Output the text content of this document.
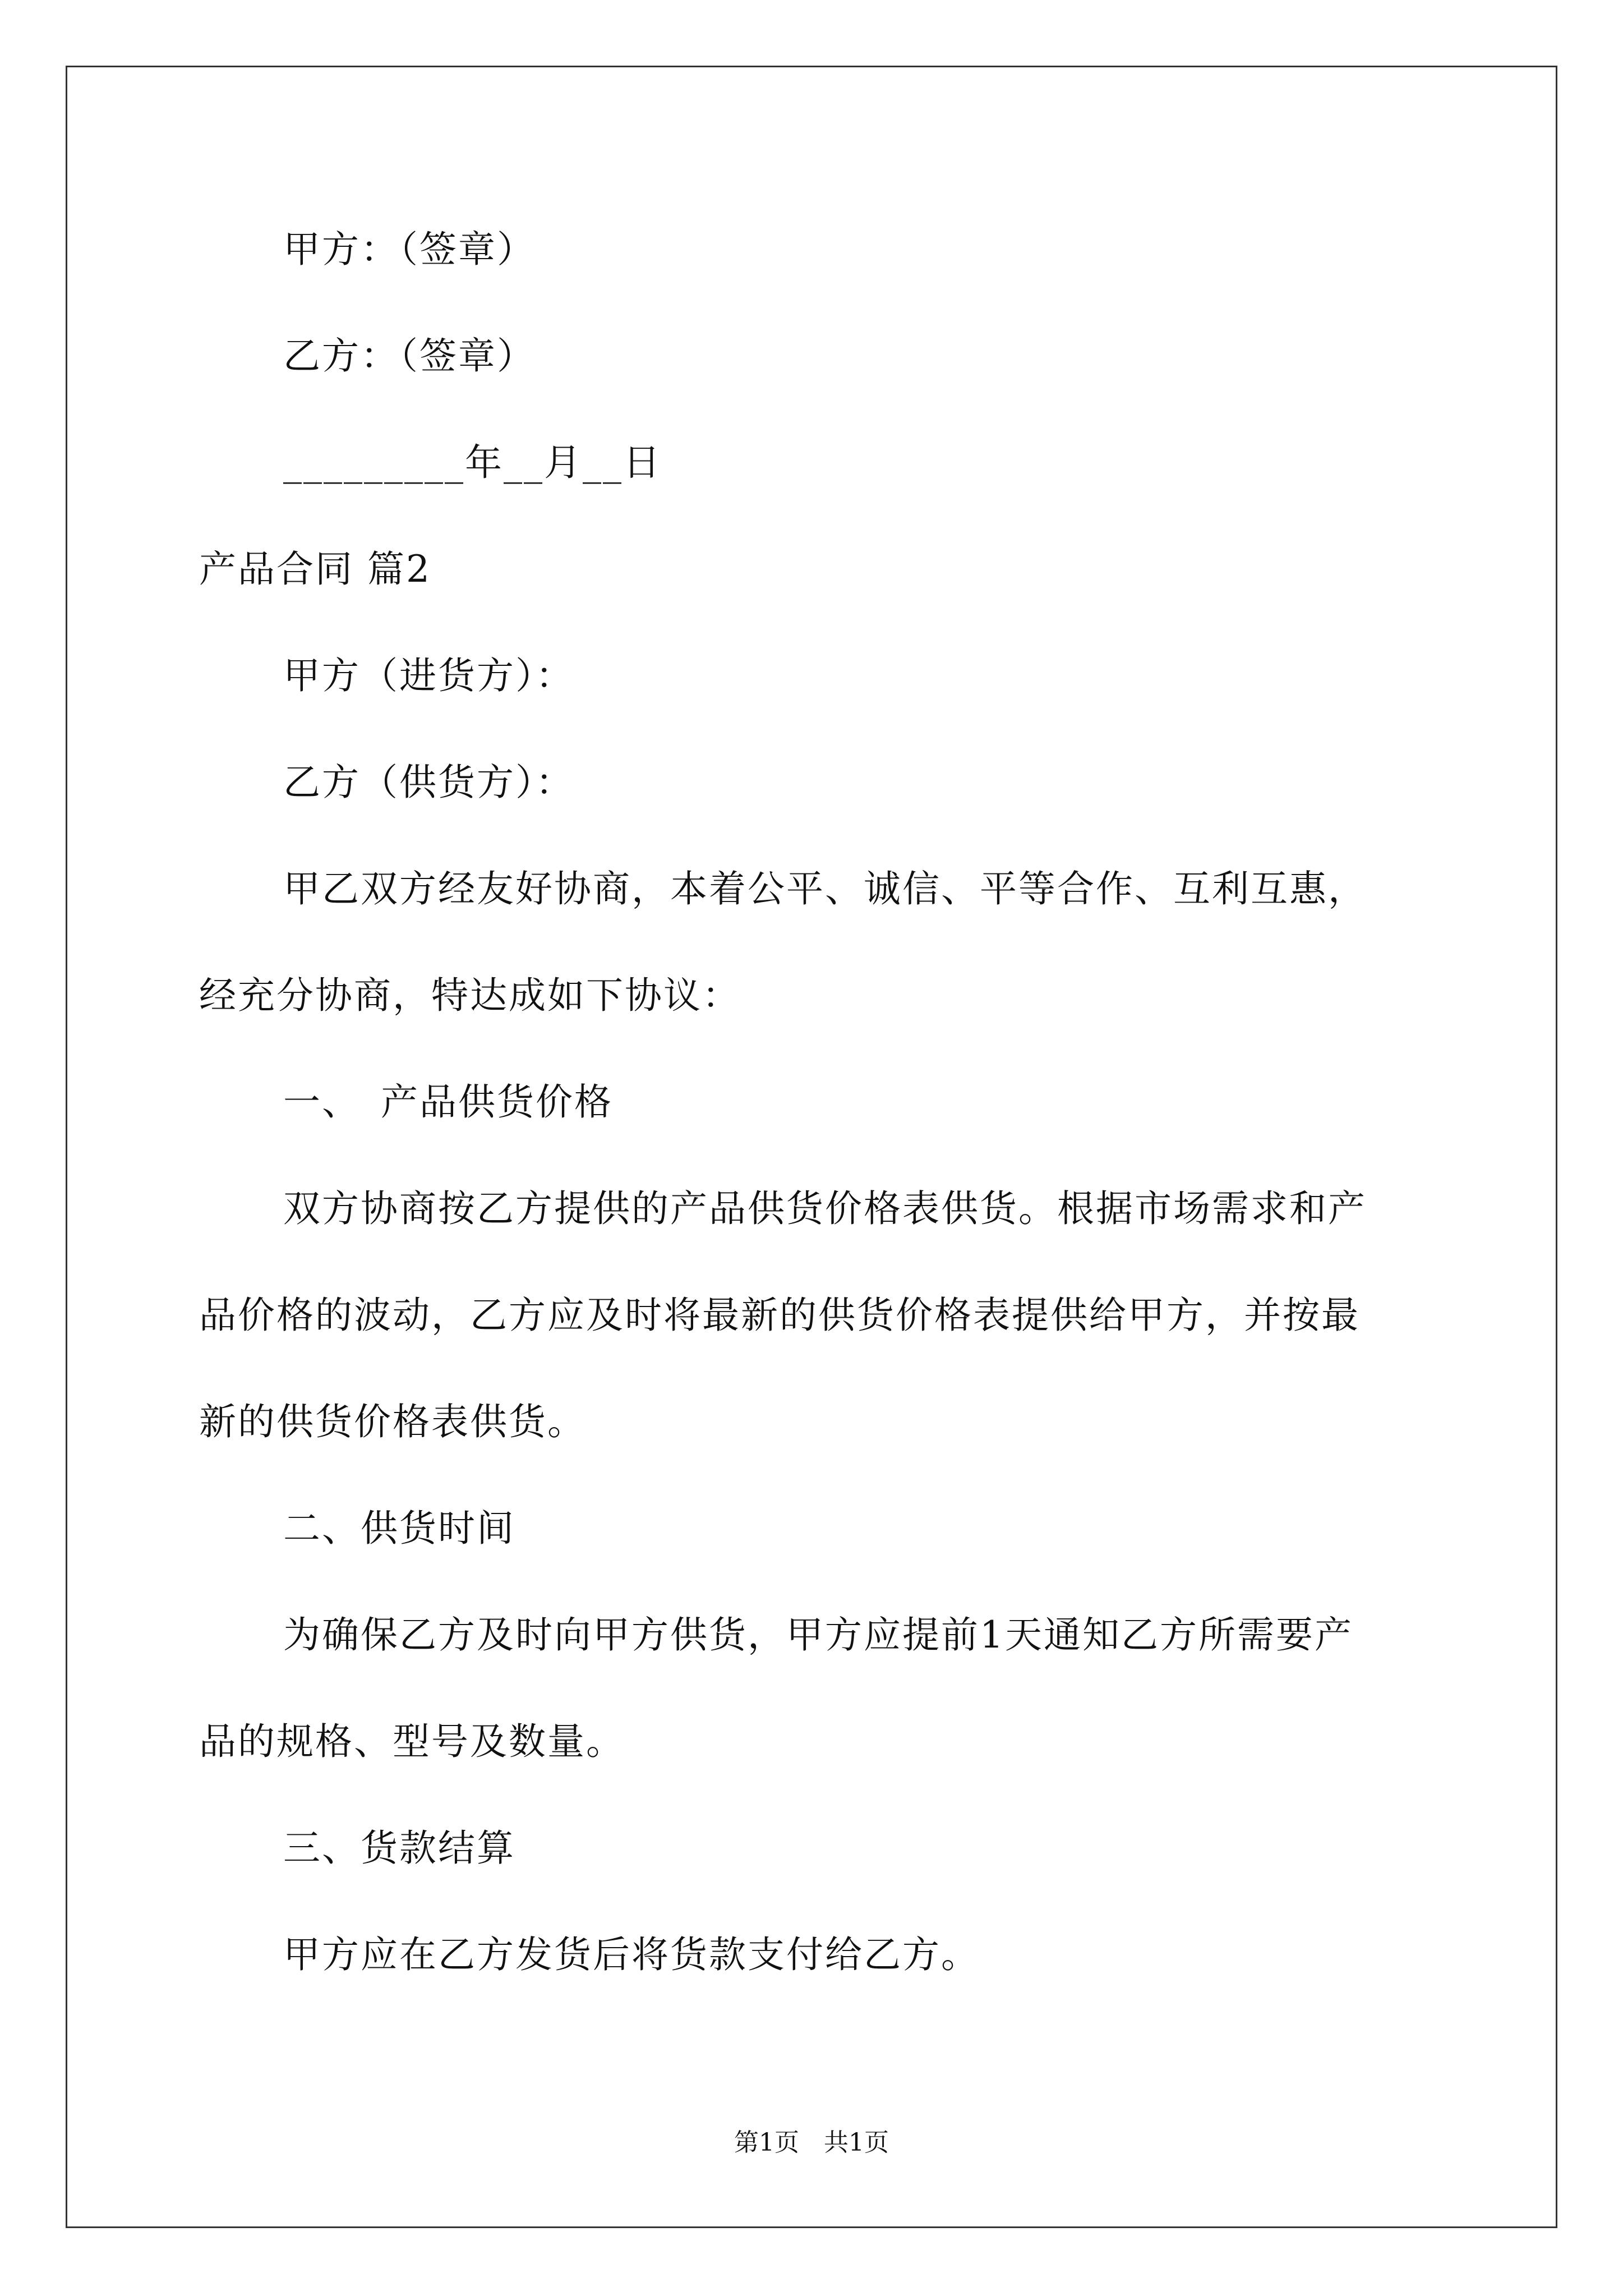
甲方：（签章）
乙方：（签章）
_________年__月__日
产品合同 篇2
甲方（进货方）：
乙方（供货方）：
甲乙双方经友好协商，本着公平、诚信、平等合作、互利互惠，
经充分协商，特达成如下协议：
一、　产品供货价格
双方协商按乙方提供的产品供货价格表供货。根据市场需求和产
品价格的波动，乙方应及时将最新的供货价格表提供给甲方，并按最
新的供货价格表供货。
二、供货时间
为确保乙方及时向甲方供货，甲方应提前1天通知乙方所需要产
品的规格、型号及数量。
三、货款结算
甲方应在乙方发货后将货款支付给乙方。
第1页　共1页
